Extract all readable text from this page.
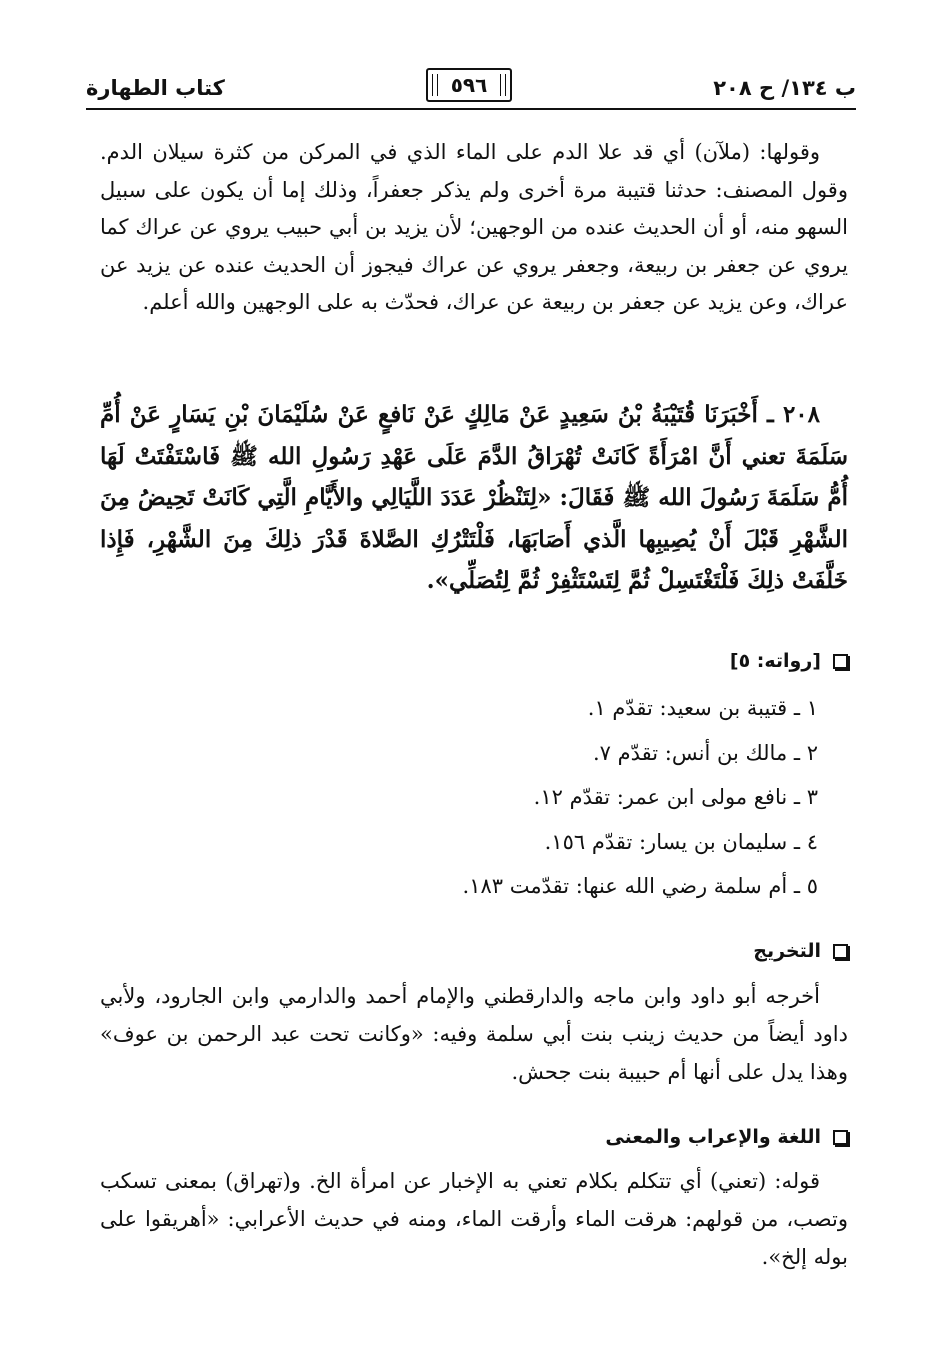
ب ١٣٤/ ح ٢٠٨
٥٩٦
كتاب الطهارة
وقولها: (ملآن) أي قد علا الدم على الماء الذي في المركن من كثرة سيلان الدم. وقول المصنف: حدثنا قتيبة مرة أخرى ولم يذكر جعفراً، وذلك إما أن يكون على سبيل السهو منه، أو أن الحديث عنده من الوجهين؛ لأن يزيد بن أبي حبيب يروي عن عراك كما يروي عن جعفر بن ربيعة، وجعفر يروي عن عراك فيجوز أن الحديث عنده عن يزيد عن عراك، وعن يزيد عن جعفر بن ربيعة عن عراك، فحدّث به على الوجهين والله أعلم.
٢٠٨ ـ أَخْبَرَنَا قُتَيْبَةُ بْنُ سَعِيدٍ عَنْ مَالِكٍ عَنْ نَافعٍ عَنْ سُلَيْمَانَ بْنِ يَسَارٍ عَنْ أُمِّ سَلَمَةَ تعني أَنَّ امْرَأَةً كَانَتْ تُهْرَاقُ الدَّمَ عَلَى عَهْدِ رَسُولِ الله ﷺ فَاسْتَفْتَتْ لَهَا أُمُّ سَلَمَةَ رَسُولَ الله ﷺ فَقَالَ: «لِتَنْظُرْ عَدَدَ اللَّيَالِي والأَيَّامِ الَّتِي كَانَتْ تَحِيضُ مِنَ الشَّهْرِ قَبْلَ أَنْ يُصِيبِها الَّذي أَصَابَهَا، فَلْتَتْرُكِ الصَّلاةَ قَدْرَ ذلِكَ مِنَ الشَّهْرِ، فَإِذا خَلَّفَتْ ذلِكَ فَلْتَغْتَسِلْ ثُمَّ لِتَسْتَثْفِرْ ثُمَّ لِتُصَلِّي».
[رواته: ٥]
١ ـ قتيبة بن سعيد: تقدّم ١.
٢ ـ مالك بن أنس: تقدّم ٧.
٣ ـ نافع مولى ابن عمر: تقدّم ١٢.
٤ ـ سليمان بن يسار: تقدّم ١٥٦.
٥ ـ أم سلمة رضي الله عنها: تقدّمت ١٨٣.
التخريج
أخرجه أبو داود وابن ماجه والدارقطني والإمام أحمد والدارمي وابن الجارود، ولأبي داود أيضاً من حديث زينب بنت أبي سلمة وفيه: «وكانت تحت عبد الرحمن بن عوف» وهذا يدل على أنها أم حبيبة بنت جحش.
اللغة والإعراب والمعنى
قوله: (تعني) أي تتكلم بكلام تعني به الإخبار عن امرأة الخ. و(تهراق) بمعنى تسكب وتصب، من قولهم: هرقت الماء وأرقت الماء، ومنه في حديث الأعرابي: «أهريقوا على بوله إلخ».
